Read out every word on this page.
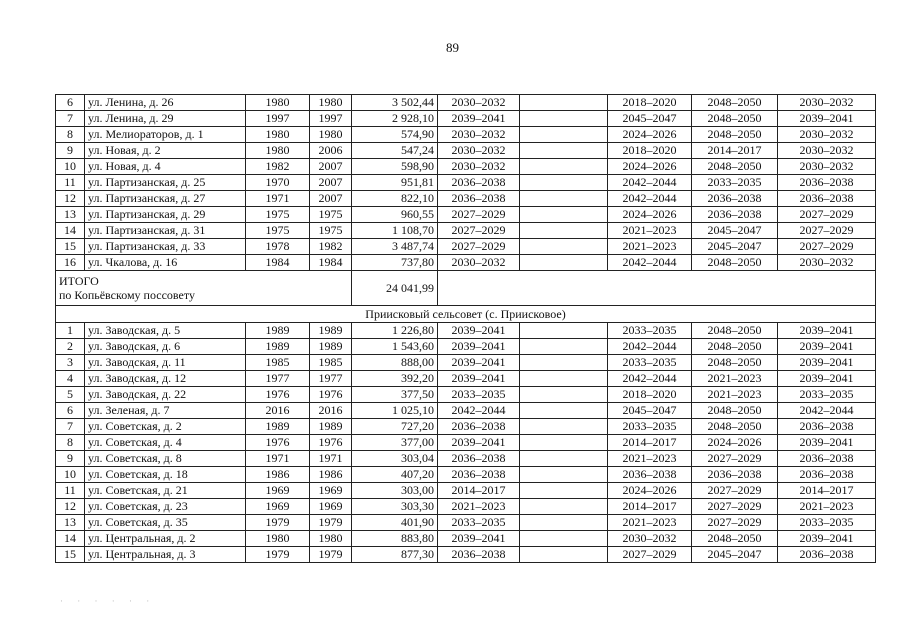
89
6	ул. Ленина, д. 26	1980	1980	3 502,44	2030–2032		2018–2020	2048–2050	2030–2032
7	ул. Ленина, д. 29	1997	1997	2 928,10	2039–2041		2045–2047	2048–2050	2039–2041
8	ул. Мелиораторов, д. 1	1980	1980	574,90	2030–2032		2024–2026	2048–2050	2030–2032
9	ул. Новая, д. 2	1980	2006	547,24	2030–2032		2018–2020	2014–2017	2030–2032
10	ул. Новая, д. 4	1982	2007	598,90	2030–2032		2024–2026	2048–2050	2030–2032
11	ул. Партизанская, д. 25	1970	2007	951,81	2036–2038		2042–2044	2033–2035	2036–2038
12	ул. Партизанская, д. 27	1971	2007	822,10	2036–2038		2042–2044	2036–2038	2036–2038
13	ул. Партизанская, д. 29	1975	1975	960,55	2027–2029		2024–2026	2036–2038	2027–2029
14	ул. Партизанская, д. 31	1975	1975	1 108,70	2027–2029		2021–2023	2045–2047	2027–2029
15	ул. Партизанская, д. 33	1978	1982	3 487,74	2027–2029		2021–2023	2045–2047	2027–2029
16	ул. Чкалова, д. 16	1984	1984	737,80	2030–2032		2042–2044	2048–2050	2030–2032

ИТОГО
по Копьёвскому поссовету				24 041,99					
Приисковый сельсовет (с. Приисковое)									
1	ул. Заводская, д. 5	1989	1989	1 226,80	2039–2041		2033–2035	2048–2050	2039–2041
2	ул. Заводская, д. 6	1989	1989	1 543,60	2039–2041		2042–2044	2048–2050	2039–2041
3	ул. Заводская, д. 11	1985	1985	888,00	2039–2041		2033–2035	2048–2050	2039–2041
4	ул. Заводская, д. 12	1977	1977	392,20	2039–2041		2042–2044	2021–2023	2039–2041
5	ул. Заводская, д. 22	1976	1976	377,50	2033–2035		2018–2020	2021–2023	2033–2035
6	ул. Зеленая, д. 7	2016	2016	1 025,10	2042–2044		2045–2047	2048–2050	2042–2044
7	ул. Советская, д. 2	1989	1989	727,20	2036–2038		2033–2035	2048–2050	2036–2038
8	ул. Советская, д. 4	1976	1976	377,00	2039–2041		2014–2017	2024–2026	2039–2041
9	ул. Советская, д. 8	1971	1971	303,04	2036–2038		2021–2023	2027–2029	2036–2038
10	ул. Советская, д. 18	1986	1986	407,20	2036–2038		2036–2038	2036–2038	2036–2038
11	ул. Советская, д. 21	1969	1969	303,00	2014–2017		2024–2026	2027–2029	2014–2017
12	ул. Советская, д. 23	1969	1969	303,30	2021–2023		2014–2017	2027–2029	2021–2023
13	ул. Советская, д. 35	1979	1979	401,90	2033–2035		2021–2023	2027–2029	2033–2035
14	ул. Центральная, д. 2	1980	1980	883,80	2039–2041		2030–2032	2048–2050	2039–2041
15	ул. Центральная, д. 3	1979	1979	877,30	2036–2038		2027–2029	2045–2047	2036–2038
· · · · · ·
